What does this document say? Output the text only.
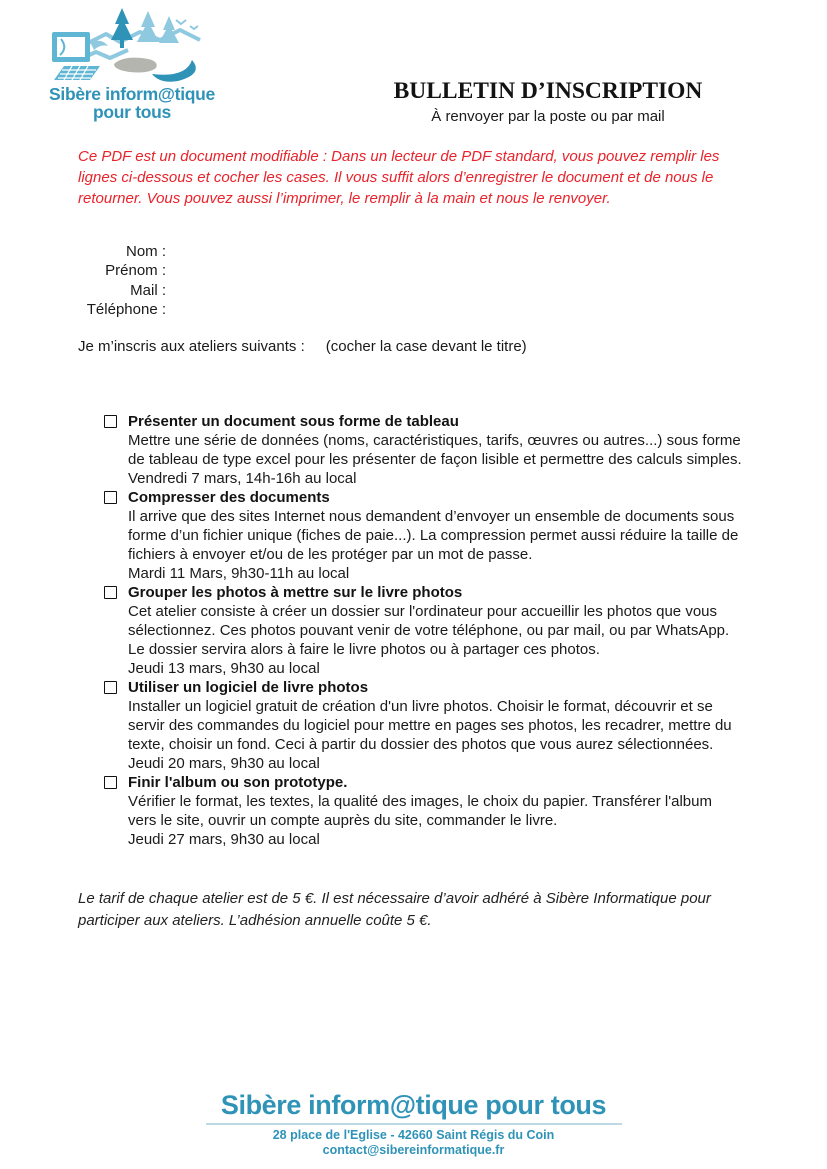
Sibère inform@tique
pour tous
BULLETIN D’INSCRIPTION
À renvoyer par la poste ou par mail

Ce PDF est un document modifiable : Dans un lecteur de PDF standard, vous pouvez remplir les lignes ci-dessous et cocher les cases. Il vous suffit alors d’enregistrer le document et de nous le retourner. Vous pouvez aussi l’imprimer, le remplir à la main et nous le renvoyer.

Nom :
Prénom :
Mail :
Téléphone :
Je m’inscris aux ateliers suivants : (cocher la case devant le titre)
Présenter un document sous forme de tableau
Mettre une série de données (noms, caractéristiques, tarifs, œuvres ou autres...) sous forme de tableau de type excel pour les présenter de façon lisible et permettre des calculs simples.
Vendredi 7 mars, 14h-16h au local
Compresser des documents
Il arrive que des sites Internet nous demandent d’envoyer un ensemble de documents sous forme d’un fichier unique (fiches de paie...). La compression permet aussi réduire la taille de fichiers à envoyer et/ou de les protéger par un mot de passe.
Mardi 11 Mars, 9h30-11h au local
Grouper les photos à mettre sur le livre photos
Cet atelier consiste à créer un dossier sur l'ordinateur pour accueillir les photos que vous sélectionnez. Ces photos pouvant venir de votre téléphone, ou par mail, ou par WhatsApp. Le dossier servira alors à faire le livre photos ou à partager ces photos.
Jeudi 13 mars, 9h30 au local
Utiliser un logiciel de livre photos
Installer un logiciel gratuit de création d'un livre photos. Choisir le format, découvrir et se servir des commandes du logiciel pour mettre en pages ses photos, les recadrer, mettre du texte, choisir un fond. Ceci à partir du dossier des photos que vous aurez sélectionnées.
Jeudi 20 mars, 9h30 au local
Finir l'album ou son prototype.
Vérifier le format, les textes, la qualité des images, le choix du papier. Transférer l'album vers le site, ouvrir un compte auprès du site, commander le livre.
Jeudi 27 mars, 9h30 au local

Le tarif de chaque atelier est de 5 €. Il est nécessaire d’avoir adhéré à Sibère Informatique pour participer aux ateliers. L’adhésion annuelle coûte 5 €.

Sibère inform@tique pour tous
28 place de l'Eglise - 42660 Saint Régis du Coin
contact@sibereinformatique.fr
